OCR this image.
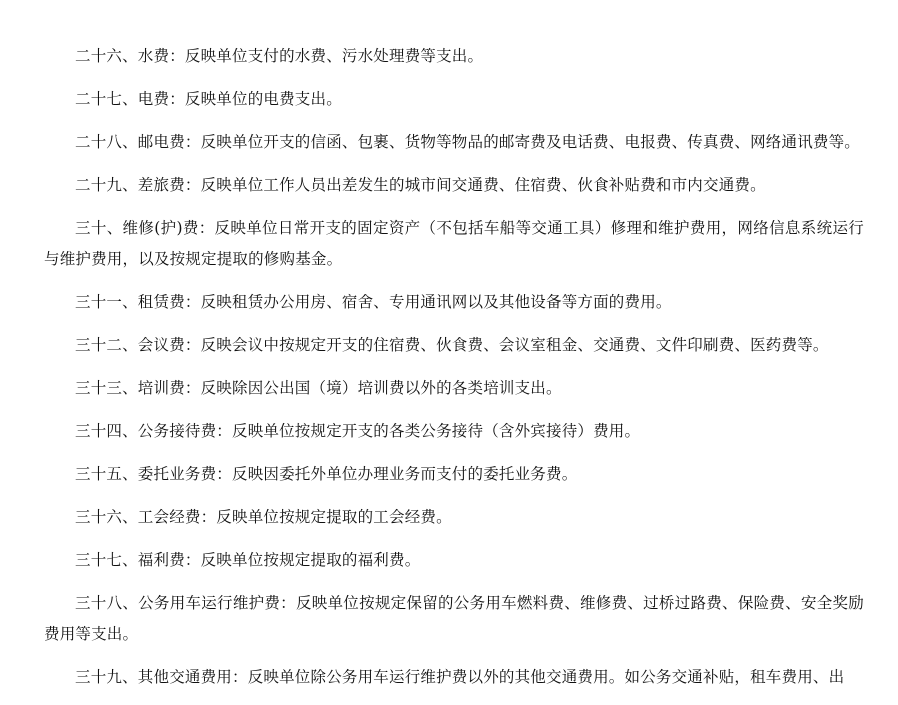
二十六、水费：反映单位支付的水费、污水处理费等支出。

二十七、电费：反映单位的电费支出。

二十八、邮电费：反映单位开支的信函、包裹、货物等物品的邮寄费及电话费、电报费、传真费、网络通讯费等。

二十九、差旅费：反映单位工作人员出差发生的城市间交通费、住宿费、伙食补贴费和市内交通费。

三十、维修(护)费：反映单位日常开支的固定资产（不包括车船等交通工具）修理和维护费用，网络信息系统运行与维护费用，以及按规定提取的修购基金。

三十一、租赁费：反映租赁办公用房、宿舍、专用通讯网以及其他设备等方面的费用。

三十二、会议费：反映会议中按规定开支的住宿费、伙食费、会议室租金、交通费、文件印刷费、医药费等。

三十三、培训费：反映除因公出国（境）培训费以外的各类培训支出。

三十四、公务接待费：反映单位按规定开支的各类公务接待（含外宾接待）费用。

三十五、委托业务费：反映因委托外单位办理业务而支付的委托业务费。

三十六、工会经费：反映单位按规定提取的工会经费。

三十七、福利费：反映单位按规定提取的福利费。

三十八、公务用车运行维护费：反映单位按规定保留的公务用车燃料费、维修费、过桥过路费、保险费、安全奖励费用等支出。

三十九、其他交通费用：反映单位除公务用车运行维护费以外的其他交通费用。如公务交通补贴，租车费用、出
